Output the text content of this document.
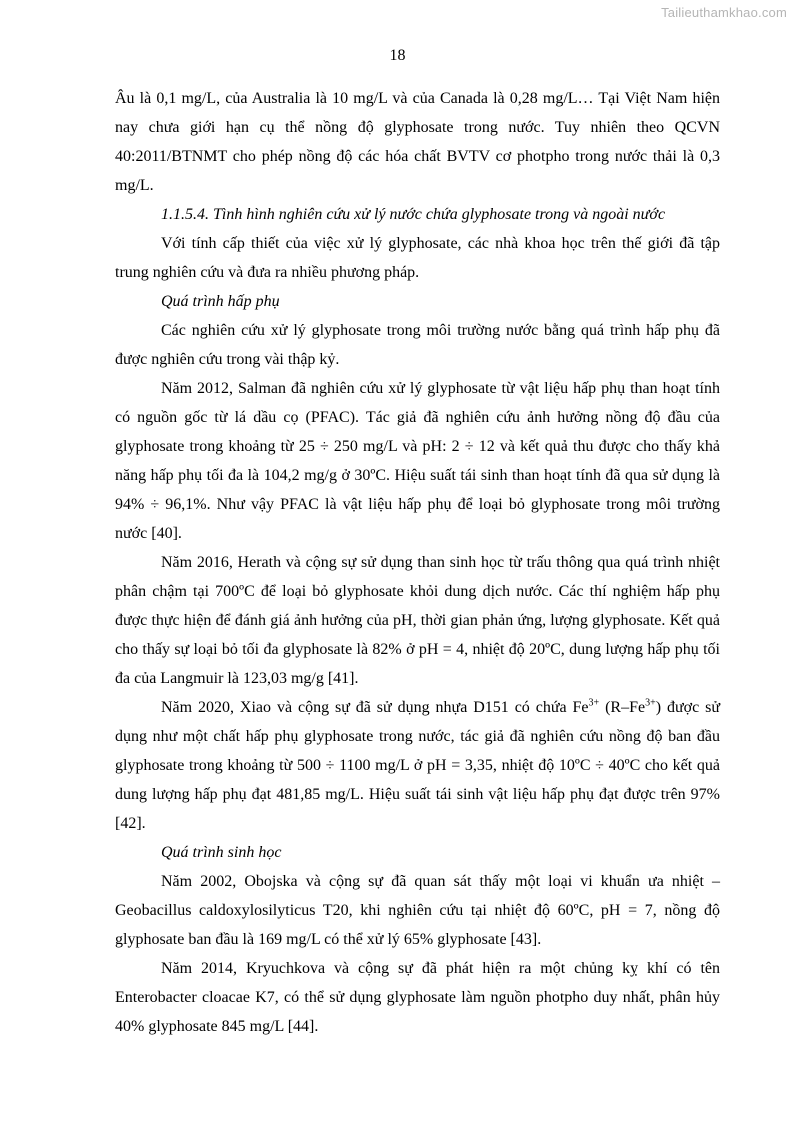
Tailieuthamkhao.com
18

Âu là 0,1 mg/L, của Australia là 10 mg/L và của Canada là 0,28 mg/L… Tại Việt Nam hiện nay chưa giới hạn cụ thể nồng độ glyphosate trong nước. Tuy nhiên theo QCVN 40:2011/BTNMT cho phép nồng độ các hóa chất BVTV cơ photpho trong nước thải là 0,3 mg/L.

1.1.5.4. Tình hình nghiên cứu xử lý nước chứa glyphosate trong và ngoài nước

Với tính cấp thiết của việc xử lý glyphosate, các nhà khoa học trên thế giới đã tập trung nghiên cứu và đưa ra nhiều phương pháp.

Quá trình hấp phụ

Các nghiên cứu xử lý glyphosate trong môi trường nước bằng quá trình hấp phụ đã được nghiên cứu trong vài thập kỷ.

Năm 2012, Salman đã nghiên cứu xử lý glyphosate từ vật liệu hấp phụ than hoạt tính có nguồn gốc từ lá dầu cọ (PFAC). Tác giả đã nghiên cứu ảnh hưởng nồng độ đầu của glyphosate trong khoảng từ 25 ÷ 250 mg/L và pH: 2 ÷ 12 và kết quả thu được cho thấy khả năng hấp phụ tối đa là 104,2 mg/g ở 30ºC. Hiệu suất tái sinh than hoạt tính đã qua sử dụng là 94% ÷ 96,1%. Như vậy PFAC là vật liệu hấp phụ để loại bỏ glyphosate trong môi trường nước [40].

Năm 2016, Herath và cộng sự sử dụng than sinh học từ trấu thông qua quá trình nhiệt phân chậm tại 700ºC để loại bỏ glyphosate khỏi dung dịch nước. Các thí nghiệm hấp phụ được thực hiện để đánh giá ảnh hưởng của pH, thời gian phản ứng, lượng glyphosate. Kết quả cho thấy sự loại bỏ tối đa glyphosate là 82% ở pH = 4, nhiệt độ 20ºC, dung lượng hấp phụ tối đa của Langmuir là 123,03 mg/g [41].

Năm 2020, Xiao và cộng sự đã sử dụng nhựa D151 có chứa $Fe^{3+}$ $(R-Fe^{3+})$ được sử dụng như một chất hấp phụ glyphosate trong nước, tác giả đã nghiên cứu nồng độ ban đầu glyphosate trong khoảng từ 500 ÷ 1100 mg/L ở pH = 3,35, nhiệt độ 10ºC ÷ 40ºC cho kết quả dung lượng hấp phụ đạt 481,85 mg/L. Hiệu suất tái sinh vật liệu hấp phụ đạt được trên 97% [42].

Quá trình sinh học

Năm 2002, Obojska và cộng sự đã quan sát thấy một loại vi khuẩn ưa nhiệt – Geobacillus caldoxylosilyticus T20, khi nghiên cứu tại nhiệt độ 60ºC, pH = 7, nồng độ glyphosate ban đầu là 169 mg/L có thể xử lý 65% glyphosate [43].

Năm 2014, Kryuchkova và cộng sự đã phát hiện ra một chủng kỵ khí có tên Enterobacter cloacae K7, có thể sử dụng glyphosate làm nguồn photpho duy nhất, phân hủy 40% glyphosate 845 mg/L [44].
